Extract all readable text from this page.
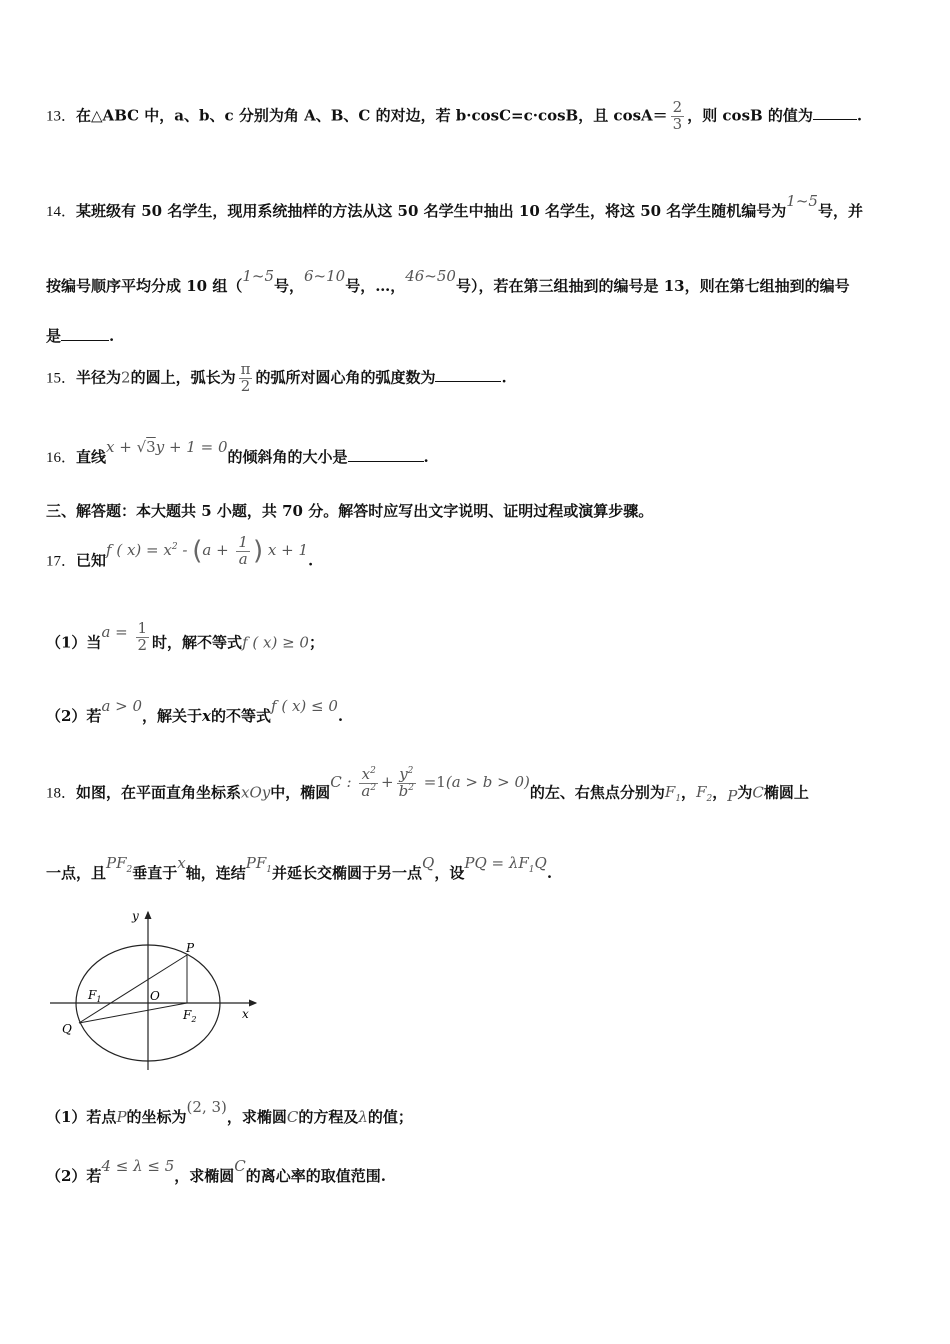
13．在△ABC 中，a、b、c 分别为角 A、B、C 的对边，若 b·cosC=c·cosB，且 $\cos A= \frac{2}{3}$ ，则 cosB 的值为	.
14．某班级有 50 名学生，现用系统抽样的方法从这 50 名学生中抽出 10 名学生，将这 50 名学生随机编号为1~5号，并
按编号顺序平均分成 10 组（1~5号，6~10号，…，46~50号），若在第三组抽到的编号是 13，则在第七组抽到的编号
是	.
15．半径为2的圆上，弧长为 $\frac{\pi}{2}$ 的弧所对圆心角的弧度数为	.
16．直线x + √3y + 1 = 0的倾斜角的大小是	.
三、解答题：本大题共 5 小题，共 70 分。解答时应写出文字说明、证明过程或演算步骤。
17．已知f ( $x) = x^2 - (a + \frac{1}{a}$ ) x + 1.
（1）当$a = \frac{1}{2}$ 时，解不等式f ( x) ≥ 0；
（2）若a > 0，解关于x的不等式f ( x) ≤ 0.
18．如图，在平面直角坐标系xOy中，椭圆C : $\frac{x^2}{a^2} + \frac{y^2}{b^2} =1(a > b > 0)$的左、右焦点分别为$F_1$，$F_2$，P为C椭圆上
一点，且$PF_2$垂直于x轴，连结$PF_1$并延长交椭圆于另一点Q，设PQ = $\lambda F_1Q$.
y
x
P
O
$F_1$
$F_2$
Q
（1）若点P的坐标为(2, 3)，求椭圆C的方程及λ的值；
（2）若4 ≤ λ ≤ 5，求椭圆C的离心率的取值范围.
